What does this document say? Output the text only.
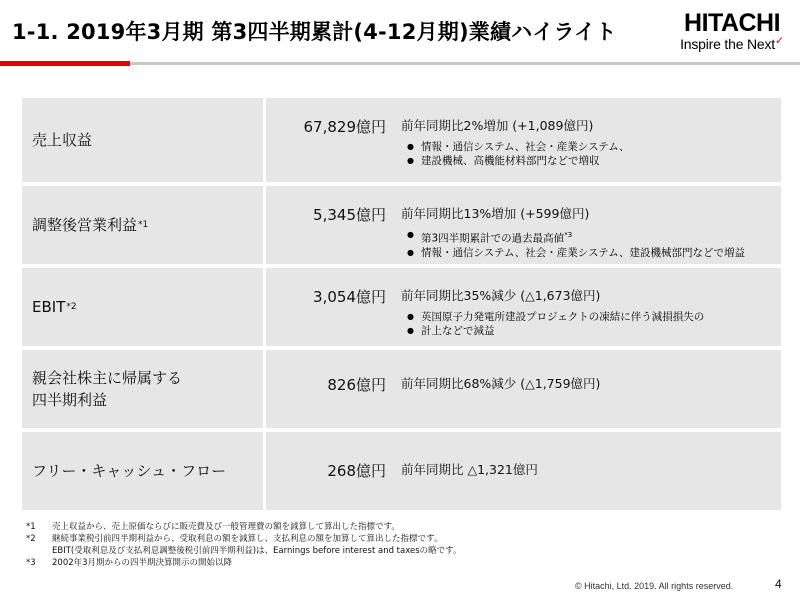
1-1. 2019年3月期 第3四半期累計(4-12月期)業績ハイライト	HITACHI
Inspire the Next✓
売上収益
67,829億円 前年同期比2%増加 (+1,089億円)
● 情報・通信システム、社会・産業システム、
● 建設機械、高機能材料部門などで増収
調整後営業利益 *1
5,345億円 前年同期比13%増加 (+599億円)
● 第3四半期累計での過去最高値$^{*3}$
● 情報・通信システム、社会・産業システム、建設機械部門などで増益
EBIT *2
3,054億円 前年同期比35%減少 (△1,673億円)
● 英国原子力発電所建設プロジェクトの凍結に伴う減損損失の
● 計上などで減益
親会社株主に帰属する
四半期利益
826億円 前年同期比68%減少 (△1,759億円)
フリー・キャッシュ・フロー	268億円 前年同期比 △1,321億円
*1	売上収益から、売上原価ならびに販売費及び一般管理費の額を減算して算出した指標です。
*2	継続事業税引前四半期利益から、受取利息の額を減算し、支払利息の額を加算して算出した指標です。
EBIT(受取利息及び支払利息調整後税引前四半期利益)は、Earnings before interest and taxesの略です。
*3	2002年3月期からの四半期決算開示の開始以降
© Hitachi, Ltd. 2019. All rights reserved.	4
